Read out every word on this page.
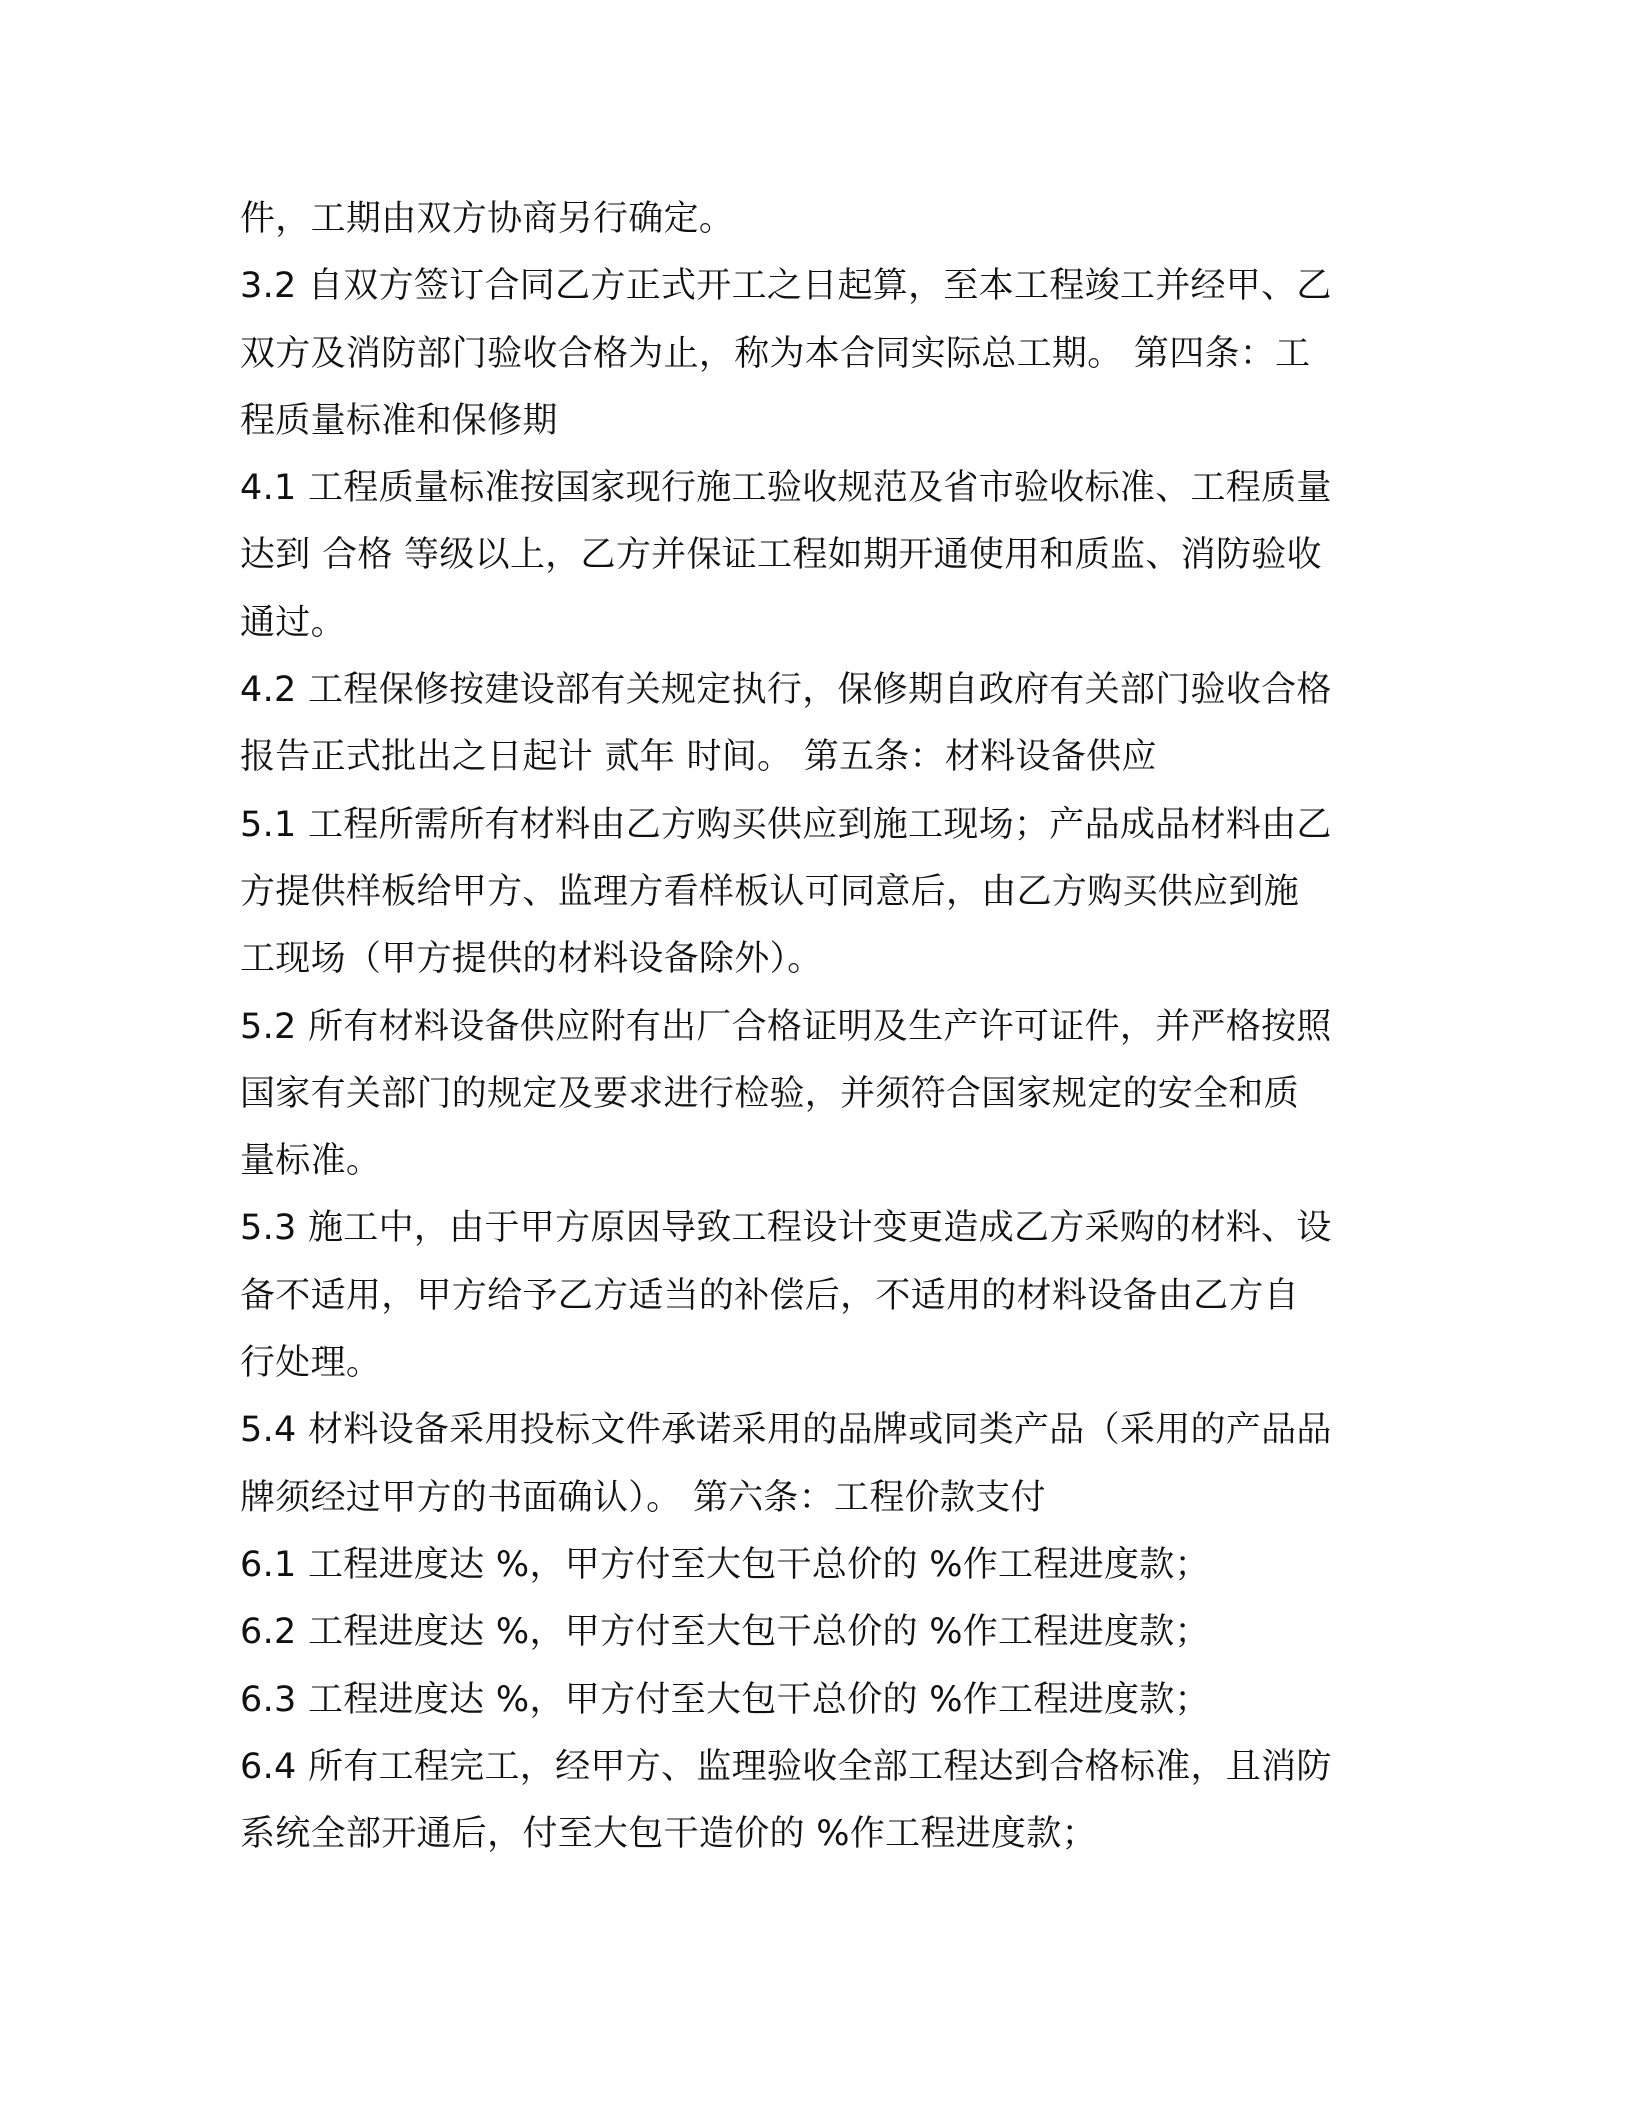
件，工期由双方协商另行确定。
3.2 自双方签订合同乙方正式开工之日起算，至本工程竣工并经甲、乙
双方及消防部门验收合格为止，称为本合同实际总工期。 第四条：工
程质量标准和保修期
4.1 工程质量标准按国家现行施工验收规范及省市验收标准、工程质量
达到 合格 等级以上，乙方并保证工程如期开通使用和质监、消防验收
通过。
4.2 工程保修按建设部有关规定执行，保修期自政府有关部门验收合格
报告正式批出之日起计 贰年 时间。 第五条：材料设备供应
5.1 工程所需所有材料由乙方购买供应到施工现场；产品成品材料由乙
方提供样板给甲方、监理方看样板认可同意后，由乙方购买供应到施
工现场（甲方提供的材料设备除外）。
5.2 所有材料设备供应附有出厂合格证明及生产许可证件，并严格按照
国家有关部门的规定及要求进行检验，并须符合国家规定的安全和质
量标准。
5.3 施工中，由于甲方原因导致工程设计变更造成乙方采购的材料、设
备不适用，甲方给予乙方适当的补偿后，不适用的材料设备由乙方自
行处理。
5.4 材料设备采用投标文件承诺采用的品牌或同类产品（采用的产品品
牌须经过甲方的书面确认）。 第六条：工程价款支付
6.1 工程进度达 %，甲方付至大包干总价的 %作工程进度款；
6.2 工程进度达 %，甲方付至大包干总价的 %作工程进度款；
6.3 工程进度达 %，甲方付至大包干总价的 %作工程进度款；
6.4 所有工程完工，经甲方、监理验收全部工程达到合格标准，且消防
系统全部开通后，付至大包干造价的 %作工程进度款；
